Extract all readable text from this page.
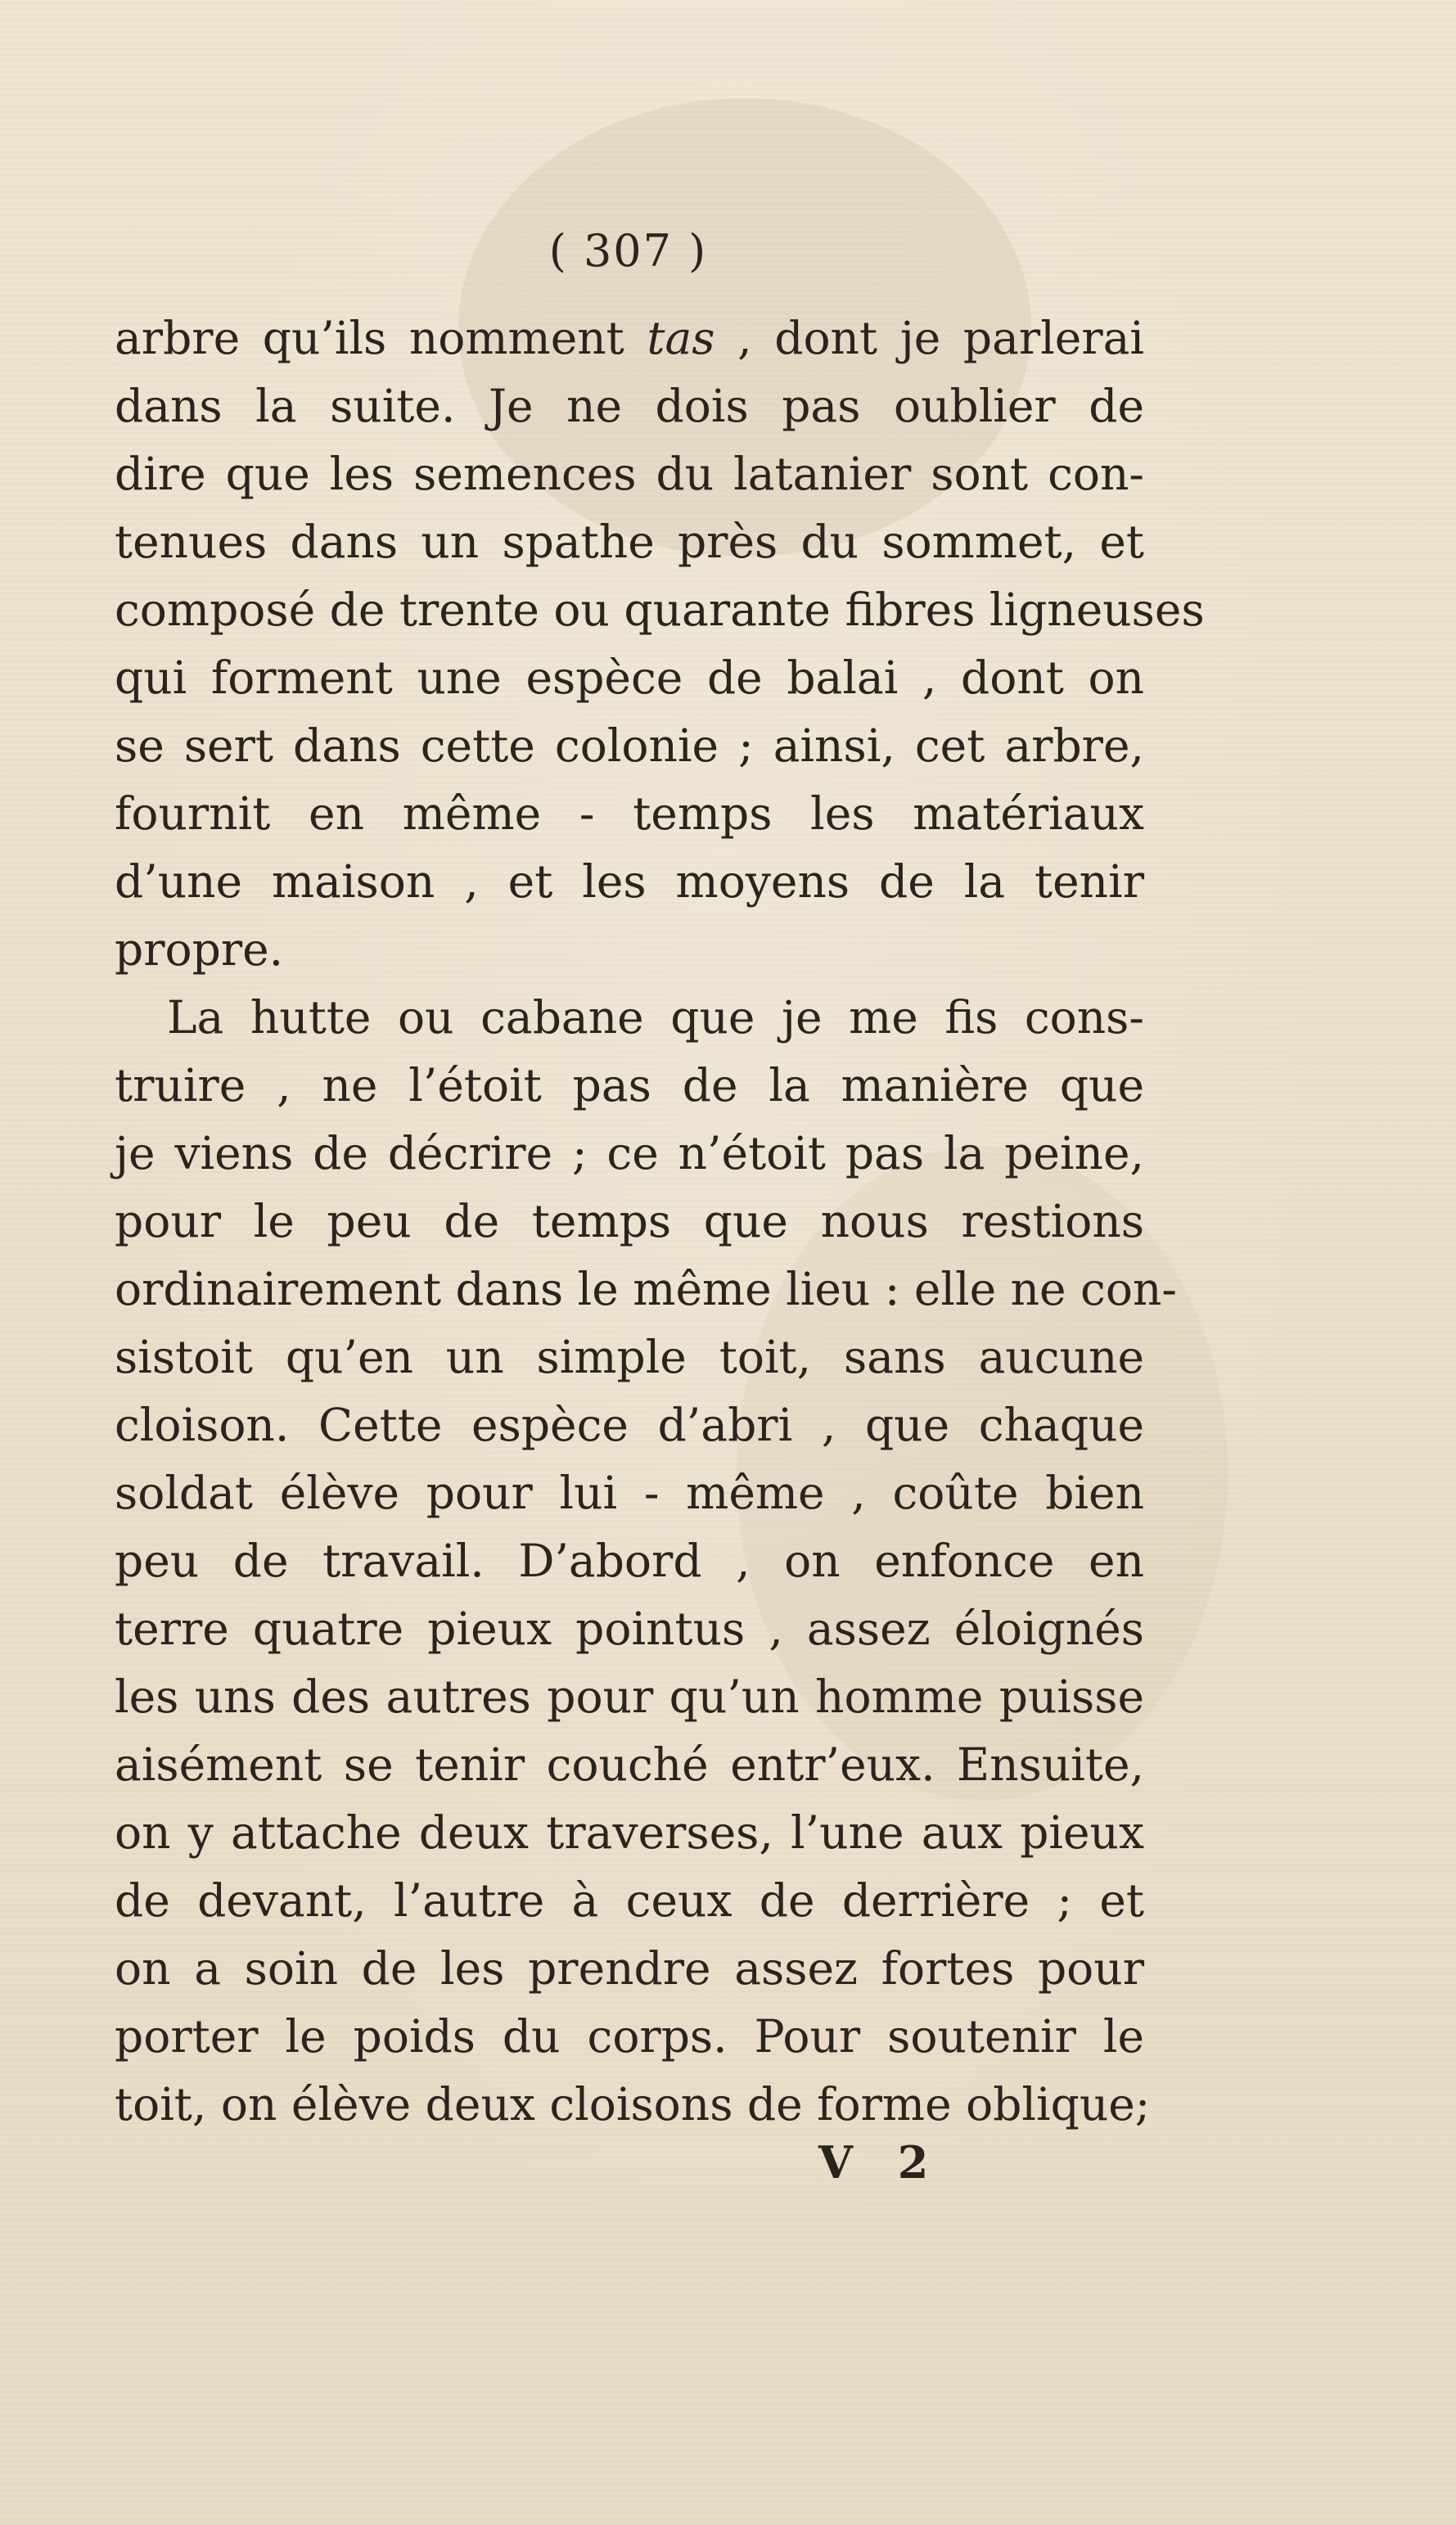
( 307 )
arbre qu’ils nomment tas , dont je parlerai
dans la suite. Je ne dois pas oublier de
dire que les semences du latanier sont con-
tenues dans un spathe près du sommet, et
composé de trente ou quarante fibres ligneuses
qui forment une espèce de balai , dont on
se sert dans cette colonie ; ainsi, cet arbre,
fournit en même - temps les matériaux
d’une maison , et les moyens de la tenir
propre.
La hutte ou cabane que je me fis cons-
truire , ne l’étoit pas de la manière que
je viens de décrire ; ce n’étoit pas la peine,
pour le peu de temps que nous restions
ordinairement dans le même lieu : elle ne con-
sistoit qu’en un simple toit, sans aucune
cloison. Cette espèce d’abri , que chaque
soldat élève pour lui - même , coûte bien
peu de travail. D’abord , on enfonce en
terre quatre pieux pointus , assez éloignés
les uns des autres pour qu’un homme puisse
aisément se tenir couché entr’eux. Ensuite,
on y attache deux traverses, l’une aux pieux
de devant, l’autre à ceux de derrière ; et
on a soin de les prendre assez fortes pour
porter le poids du corps. Pour soutenir le
toit, on élève deux cloisons de forme oblique;
V 2
